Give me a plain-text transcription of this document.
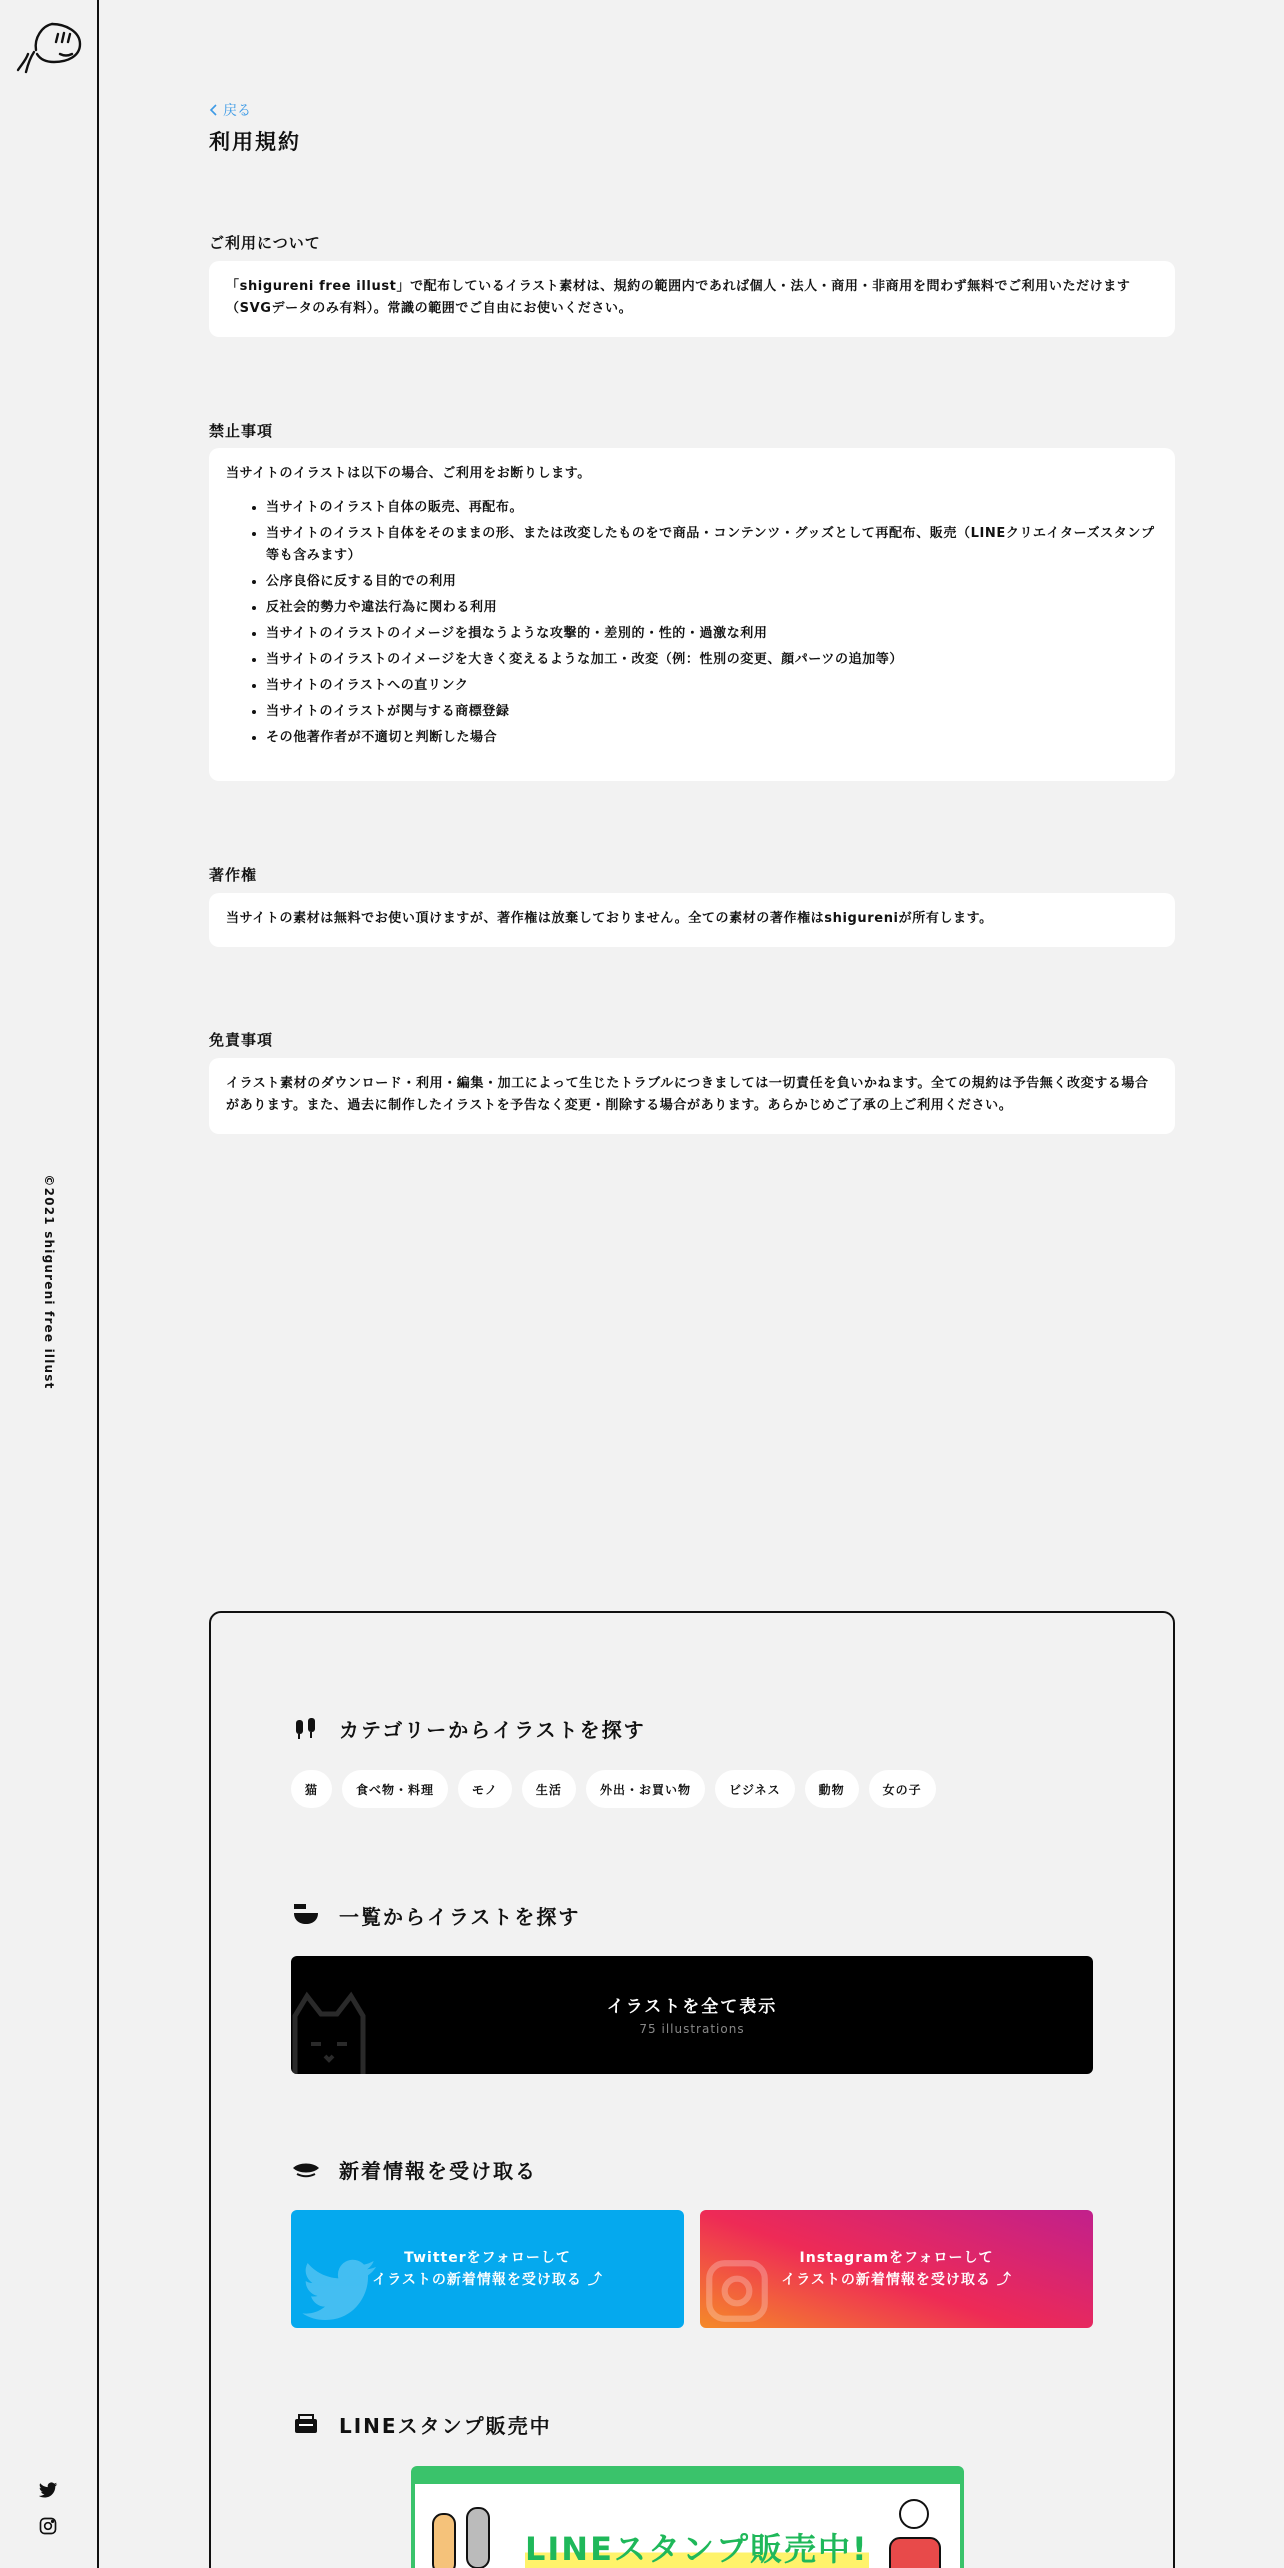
©2021 shigureni free illust
戻る
利用規約
ご利用について

「shigureni free illust」で配布しているイラスト素材は、規約の範囲内であれば個人・法人・商用・非商用を問わず無料でご利用いただけます（SVGデータのみ有料）。常識の範囲でご自由にお使いください。

禁止事項

当サイトのイラストは以下の場合、ご利用をお断りします。

• 当サイトのイラスト自体の販売、再配布。
• 当サイトのイラスト自体をそのままの形、または改変したものをで商品・コンテンツ・グッズとして再配布、販売（LINEクリエイターズスタンプ等も含みます）
• 公序良俗に反する目的での利用
• 反社会的勢力や違法行為に関わる利用
• 当サイトのイラストのイメージを損なうような攻撃的・差別的・性的・過激な利用
• 当サイトのイラストのイメージを大きく変えるような加工・改変（例：性別の変更、顔パーツの追加等）
• 当サイトのイラストへの直リンク
• 当サイトのイラストが関与する商標登録
• その他著作者が不適切と判断した場合
著作権

当サイトの素材は無料でお使い頂けますが、著作権は放棄しておりません。全ての素材の著作権はshigureniが所有します。

免責事項

イラスト素材のダウンロード・利用・編集・加工によって生じたトラブルにつきましては一切責任を負いかねます。全ての規約は予告無く改変する場合があります。また、過去に制作したイラストを予告なく変更・削除する場合があります。あらかじめご了承の上ご利用ください。

カテゴリーからイラストを探す
猫	食べ物・料理	モノ	生活	外出・お買い物	ビジネス	動物	女の子
一覧からイラストを探す
イラストを全て表示
75 illustrations
新着情報を受け取る
Twitterをフォローして
イラストの新着情報を受け取る ⤴
Instagramをフォローして
イラストの新着情報を受け取る ⤴
LINEスタンプ販売中
LINEスタンプ販売中!
